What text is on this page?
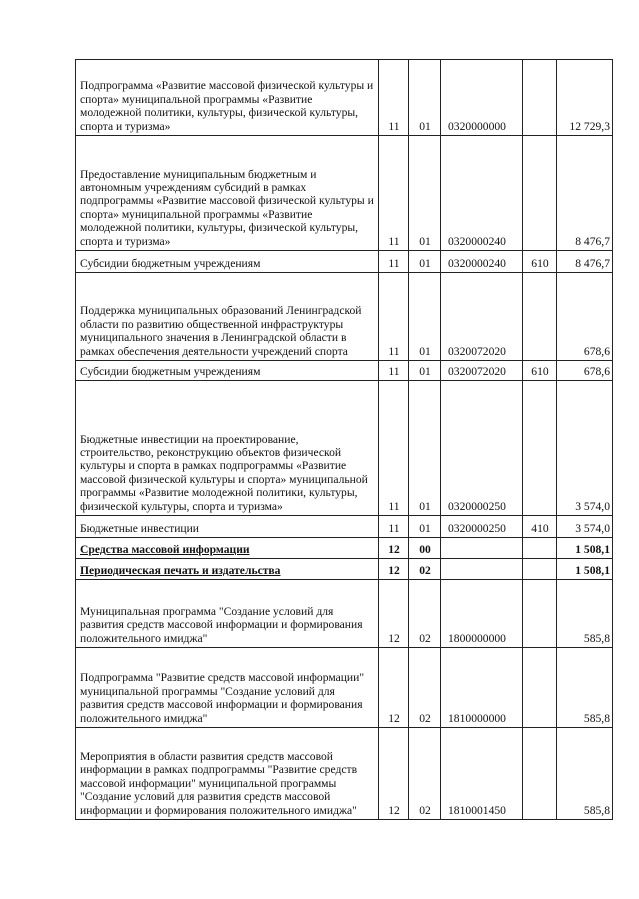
Подпрограмма «Развитие массовой физической культуры и спорта» муниципальной программы «Развитие молодежной политики, культуры, физической культуры, спорта и туризма»	11	01	0320000000		12 729,3
Предоставление муниципальным бюджетным и автономным учреждениям субсидий в рамках подпрограммы «Развитие массовой физической культуры и спорта» муниципальной программы «Развитие молодежной политики, культуры, физической культуры, спорта и туризма»	11	01	0320000240		8 476,7
Субсидии бюджетным учреждениям	11	01	0320000240	610	8 476,7
Поддержка муниципальных образований Ленинградской области по развитию общественной инфраструктуры муниципального значения в Ленинградской области в рамках обеспечения деятельности учреждений спорта	11	01	0320072020		678,6
Субсидии бюджетным учреждениям	11	01	0320072020	610	678,6
Бюджетные инвестиции на проектирование, строительство, реконструкцию объектов физической культуры и спорта в рамках подпрограммы «Развитие массовой физической культуры и спорта» муниципальной программы «Развитие молодежной политики, культуры, физической культуры, спорта и туризма»	11	01	0320000250		3 574,0
Бюджетные инвестиции	11	01	0320000250	410	3 574,0
Средства массовой информации	12	00			1 508,1
Периодическая печать и издательства	12	02			1 508,1
Муниципальная программа "Создание условий для развития средств массовой информации и формирования положительного имиджа"	12	02	1800000000		585,8
Подпрограмма "Развитие средств массовой информации" муниципальной программы "Создание условий для развития средств массовой информации и формирования положительного имиджа"	12	02	1810000000		585,8
Мероприятия в области развития средств массовой информации в рамках подпрограммы "Развитие средств массовой информации" муниципальной программы "Создание условий для развития средств массовой информации и формирования положительного имиджа"	12	02	1810001450		585,8
